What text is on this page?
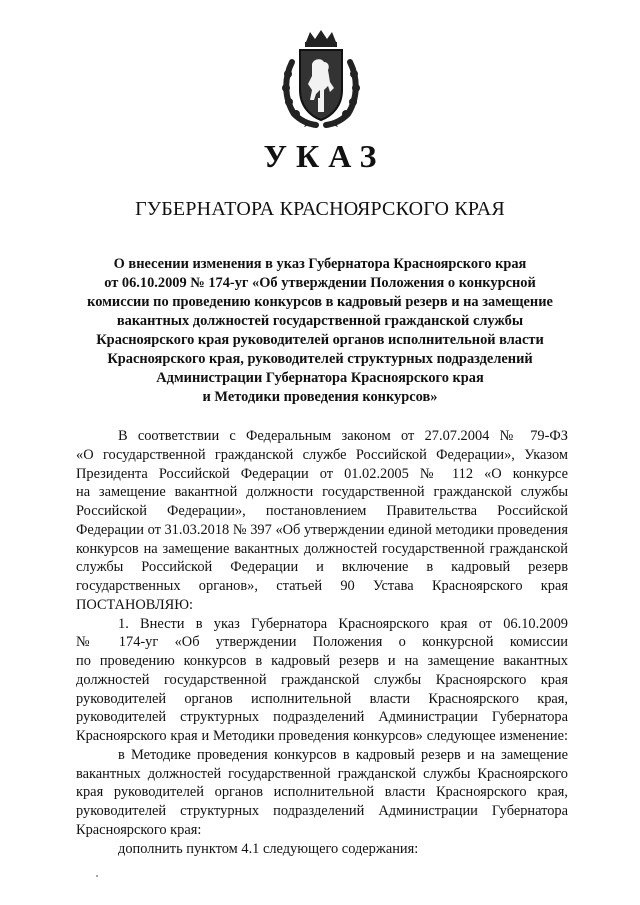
УКАЗ
ГУБЕРНАТОРА КРАСНОЯРСКОГО КРАЯ
О внесении изменения в указ Губернатора Красноярского края
от 06.10.2009 № 174-уг «Об утверждении Положения о конкурсной
комиссии по проведению конкурсов в кадровый резерв и на замещение
вакантных должностей государственной гражданской службы
Красноярского края руководителей органов исполнительной власти
Красноярского края, руководителей структурных подразделений
Администрации Губернатора Красноярского края
и Методики проведения конкурсов»
В соответствии с Федеральным законом от 27.07.2004 № 79-ФЗ
«О государственной гражданской службе Российской Федерации», Указом
Президента Российской Федерации от 01.02.2005 № 112 «О конкурсе
на замещение вакантной должности государственной гражданской службы
Российской Федерации», постановлением Правительства Российской
Федерации от 31.03.2018 № 397 «Об утверждении единой методики проведения
конкурсов на замещение вакантных должностей государственной гражданской
службы Российской Федерации и включение в кадровый резерв
государственных органов», статьей 90 Устава Красноярского края
ПОСТАНОВЛЯЮ:
1. Внести в указ Губернатора Красноярского края от 06.10.2009
№ 174-уг «Об утверждении Положения о конкурсной комиссии
по проведению конкурсов в кадровый резерв и на замещение вакантных
должностей государственной гражданской службы Красноярского края
руководителей органов исполнительной власти Красноярского края,
руководителей структурных подразделений Администрации Губернатора
Красноярского края и Методики проведения конкурсов» следующее изменение:
в Методике проведения конкурсов в кадровый резерв и на замещение
вакантных должностей государственной гражданской службы Красноярского
края руководителей органов исполнительной власти Красноярского края,
руководителей структурных подразделений Администрации Губернатора
Красноярского края:
дополнить пунктом 4.1 следующего содержания:
